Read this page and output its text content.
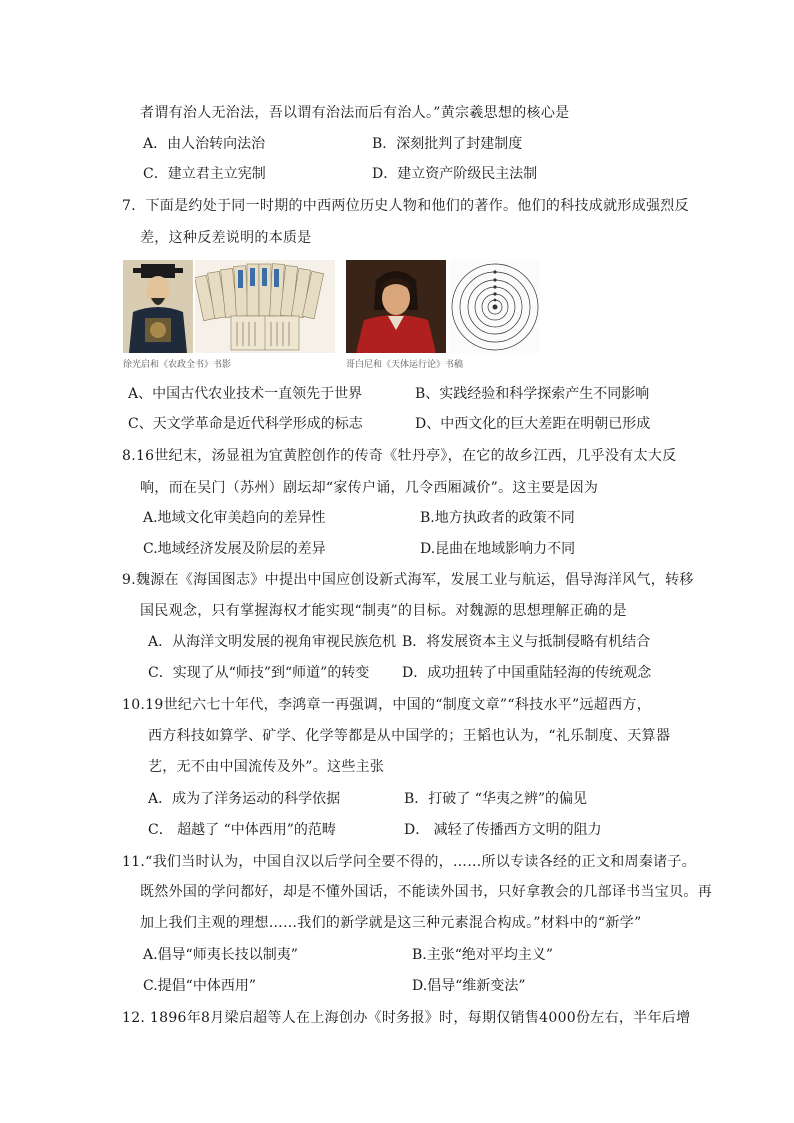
者谓有治人无治法，吾以谓有治法而后有治人。”黄宗羲思想的核心是
A．由人治转向法治	B．深刻批判了封建制度
C．建立君主立宪制	D．建立资产阶级民主法制
7．下面是约处于同一时期的中西两位历史人物和他们的著作。他们的科技成就形成强烈反
差，这种反差说明的本质是
徐光启和《农政全书》书影	哥白尼和《天体运行论》书稿
A、中国古代农业技术一直领先于世界	B、实践经验和科学探索产生不同影响
C、天文学革命是近代科学形成的标志	D、中西文化的巨大差距在明朝已形成
8.16世纪末，汤显祖为宜黄腔创作的传奇《牡丹亭》，在它的故乡江西，几乎没有太大反
响，而在吴门（苏州）剧坛却“家传户诵，几令西厢减价”。这主要是因为
A.地域文化审美趋向的差异性	B.地方执政者的政策不同
C.地域经济发展及阶层的差异	D.昆曲在地域影响力不同
9.魏源在《海国图志》中提出中国应创设新式海军，发展工业与航运，倡导海洋风气，转移
国民观念，只有掌握海权才能实现“制夷”的目标。对魏源的思想理解正确的是
A．从海洋文明发展的视角审视民族危机 B．将发展资本主义与抵制侵略有机结合
C．实现了从“师技”到“师道”的转变 D．成功扭转了中国重陆轻海的传统观念
10.19世纪六七十年代，李鸿章一再强调，中国的“制度文章”“科技水平”远超西方，
西方科技如算学、矿学、化学等都是从中国学的；王韬也认为，“礼乐制度、天算器
艺，无不由中国流传及外”。这些主张
A．成为了洋务运动的科学依据	B．打破了 “华夷之辨”的偏见
C． 超越了 “中体西用”的范畴	D． 减轻了传播西方文明的阻力
11.“我们当时认为，中国自汉以后学问全要不得的，……所以专读各经的正文和周秦诸子。
既然外国的学问都好，却是不懂外国话，不能读外国书，只好拿教会的几部译书当宝贝。再
加上我们主观的理想……我们的新学就是这三种元素混合构成。”材料中的“新学”
A.倡导“师夷长技以制夷”	B.主张“绝对平均主义”
C.提倡“中体西用”	D.倡导“维新变法”
12. 1896年8月梁启超等人在上海创办《时务报》时，每期仅销售4000份左右，半年后增
